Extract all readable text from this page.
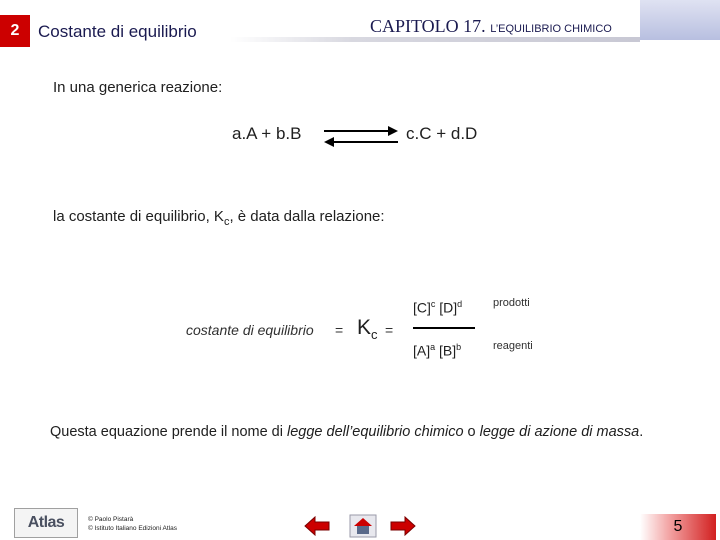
2	Costante di equilibrio	CAPITOLO 17. L’EQUILIBRIO CHIMICO
In una generica reazione:
a.A + b.B	c.C + d.D
la costante di equilibrio, $K_c$, è data dalla relazione:
costante di equilibrio = $K_c$ =
$[C]^c$ $[D]^d$
$[A]^a$ $[B]^b$
prodotti
reagenti
Questa equazione prende il nome di legge dell’equilibrio chimico o legge di azione di massa.
Atlas	© Paolo Pistarà
© Istituto Italiano Edizioni Atlas	5
